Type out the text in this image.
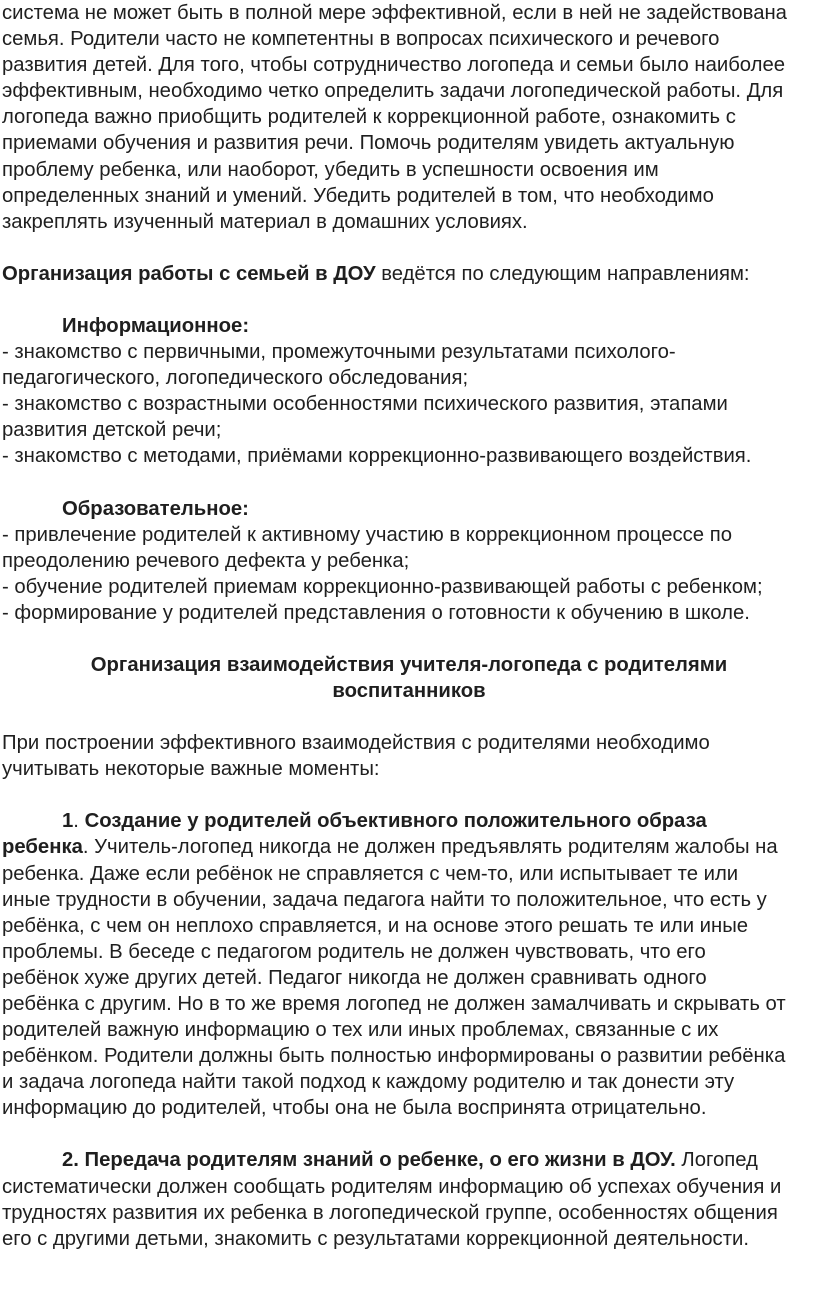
система не может быть в полной мере эффективной, если в ней не задействована
семья. Родители часто не компетентны в вопросах психического и речевого
развития детей. Для того, чтобы сотрудничество логопеда и семьи было наиболее
эффективным, необходимо четко определить задачи логопедической работы. Для
логопеда важно приобщить родителей к коррекционной работе, ознакомить с
приемами обучения и развития речи. Помочь родителям увидеть актуальную
проблему ребенка, или наоборот, убедить в успешности освоения им
определенных знаний и умений. Убедить родителей в том, что необходимо
закреплять изученный материал в домашних условиях.

Организация работы с семьей в ДОУ ведётся по следующим направлениям:

Информационное:
- знакомство с первичными, промежуточными результатами психолого-
педагогического, логопедического обследования;
- знакомство с возрастными особенностями психического развития, этапами
развития детской речи;
- знакомство с методами, приёмами коррекционно-развивающего воздействия.

Образовательное:
- привлечение родителей к активному участию в коррекционном процессе по
преодолению речевого дефекта у ребенка;
- обучение родителей приемам коррекционно-развивающей работы с ребенком;
- формирование у родителей представления о готовности к обучению в школе.

Организация взаимодействия учителя-логопеда с родителями
воспитанников

При построении эффективного взаимодействия с родителями необходимо
учитывать некоторые важные моменты:

1. Создание у родителей объективного положительного образа
ребенка. Учитель-логопед никогда не должен предъявлять родителям жалобы на
ребенка. Даже если ребёнок не справляется с чем-то, или испытывает те или
иные трудности в обучении, задача педагога найти то положительное, что есть у
ребёнка, с чем он неплохо справляется, и на основе этого решать те или иные
проблемы. В беседе с педагогом родитель не должен чувствовать, что его
ребёнок хуже других детей. Педагог никогда не должен сравнивать одного
ребёнка с другим. Но в то же время логопед не должен замалчивать и скрывать от
родителей важную информацию о тех или иных проблемах, связанные с их
ребёнком. Родители должны быть полностью информированы о развитии ребёнка
и задача логопеда найти такой подход к каждому родителю и так донести эту
информацию до родителей, чтобы она не была воспринята отрицательно.

2. Передача родителям знаний о ребенке, о его жизни в ДОУ. Логопед
систематически должен сообщать родителям информацию об успехах обучения и
трудностях развития их ребенка в логопедической группе, особенностях общения
его с другими детьми, знакомить с результатами коррекционной деятельности.
